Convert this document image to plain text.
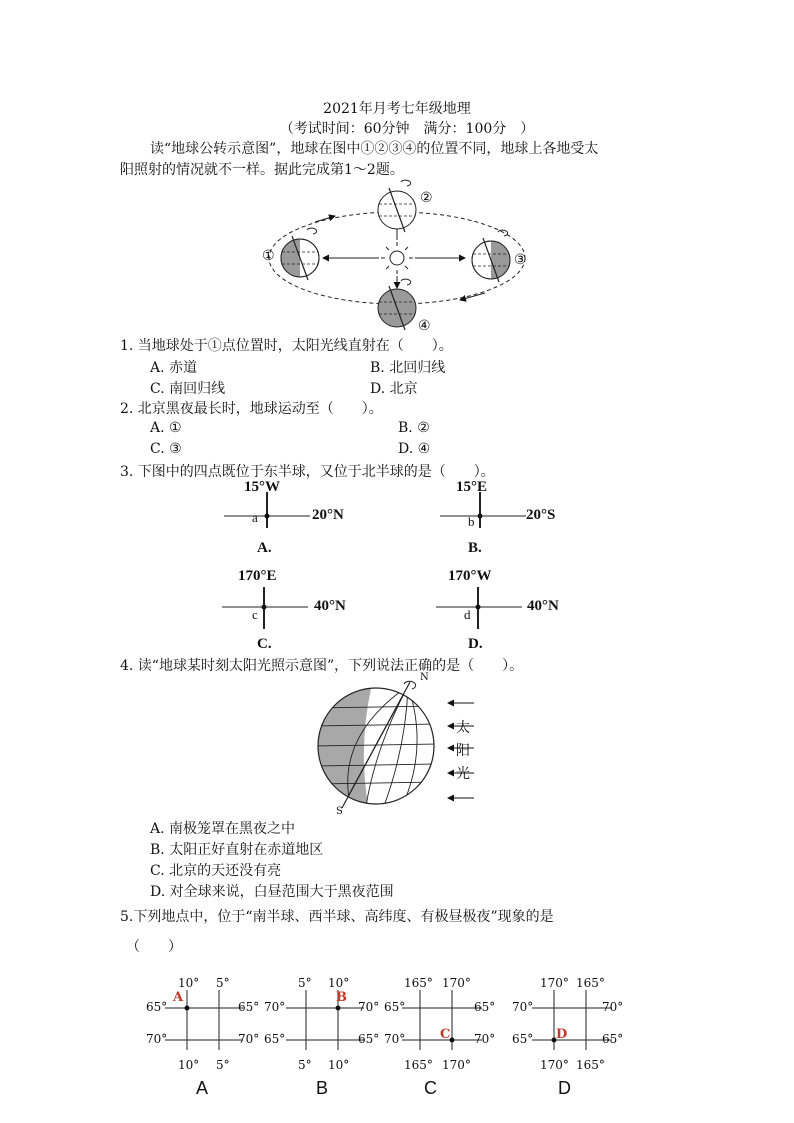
2021年月考七年级地理
（考试时间：60分钟　满分：100分　）
读“地球公转示意图”，地球在图中①②③④的位置不同，地球上各地受太
阳照射的情况就不一样。据此完成第1～2题。
①
②
③
④
1. 当地球处于①点位置时，太阳光线直射在（　　）。
A. 赤道	B. 北回归线
C. 南回归线	D. 北京
2. 北京黑夜最长时，地球运动至（　　）。
A. ①	B. ②
C. ③	D. ④
3. 下图中的四点既位于东半球，又位于北半球的是（　　）。
15°W
20°N
a
A.
15°E
20°S
b
B.
170°E
40°N
c
C.
170°W
40°N
d
D.
4. 读“地球某时刻太阳光照示意图”，下列说法正确的是（　　）。
N
S
太
阳
光
A. 南极笼罩在黑夜之中
B. 太阳正好直射在赤道地区
C. 北京的天还没有亮
D. 对全球来说，白昼范围大于黑夜范围
5.下列地点中，位于“南半球、西半球、高纬度、有极昼极夜”现象的是
（　　）
A
10° 5°
10° 5°
65°
70°
65°
70°
A
B
5° 10°
5° 10°
70°
65°
70°
65°
B
C
165° 170°
165° 170°
65°
70°
65°
70°
C
D
170° 165°
170° 165°
70°
65°
70°
65°
D
